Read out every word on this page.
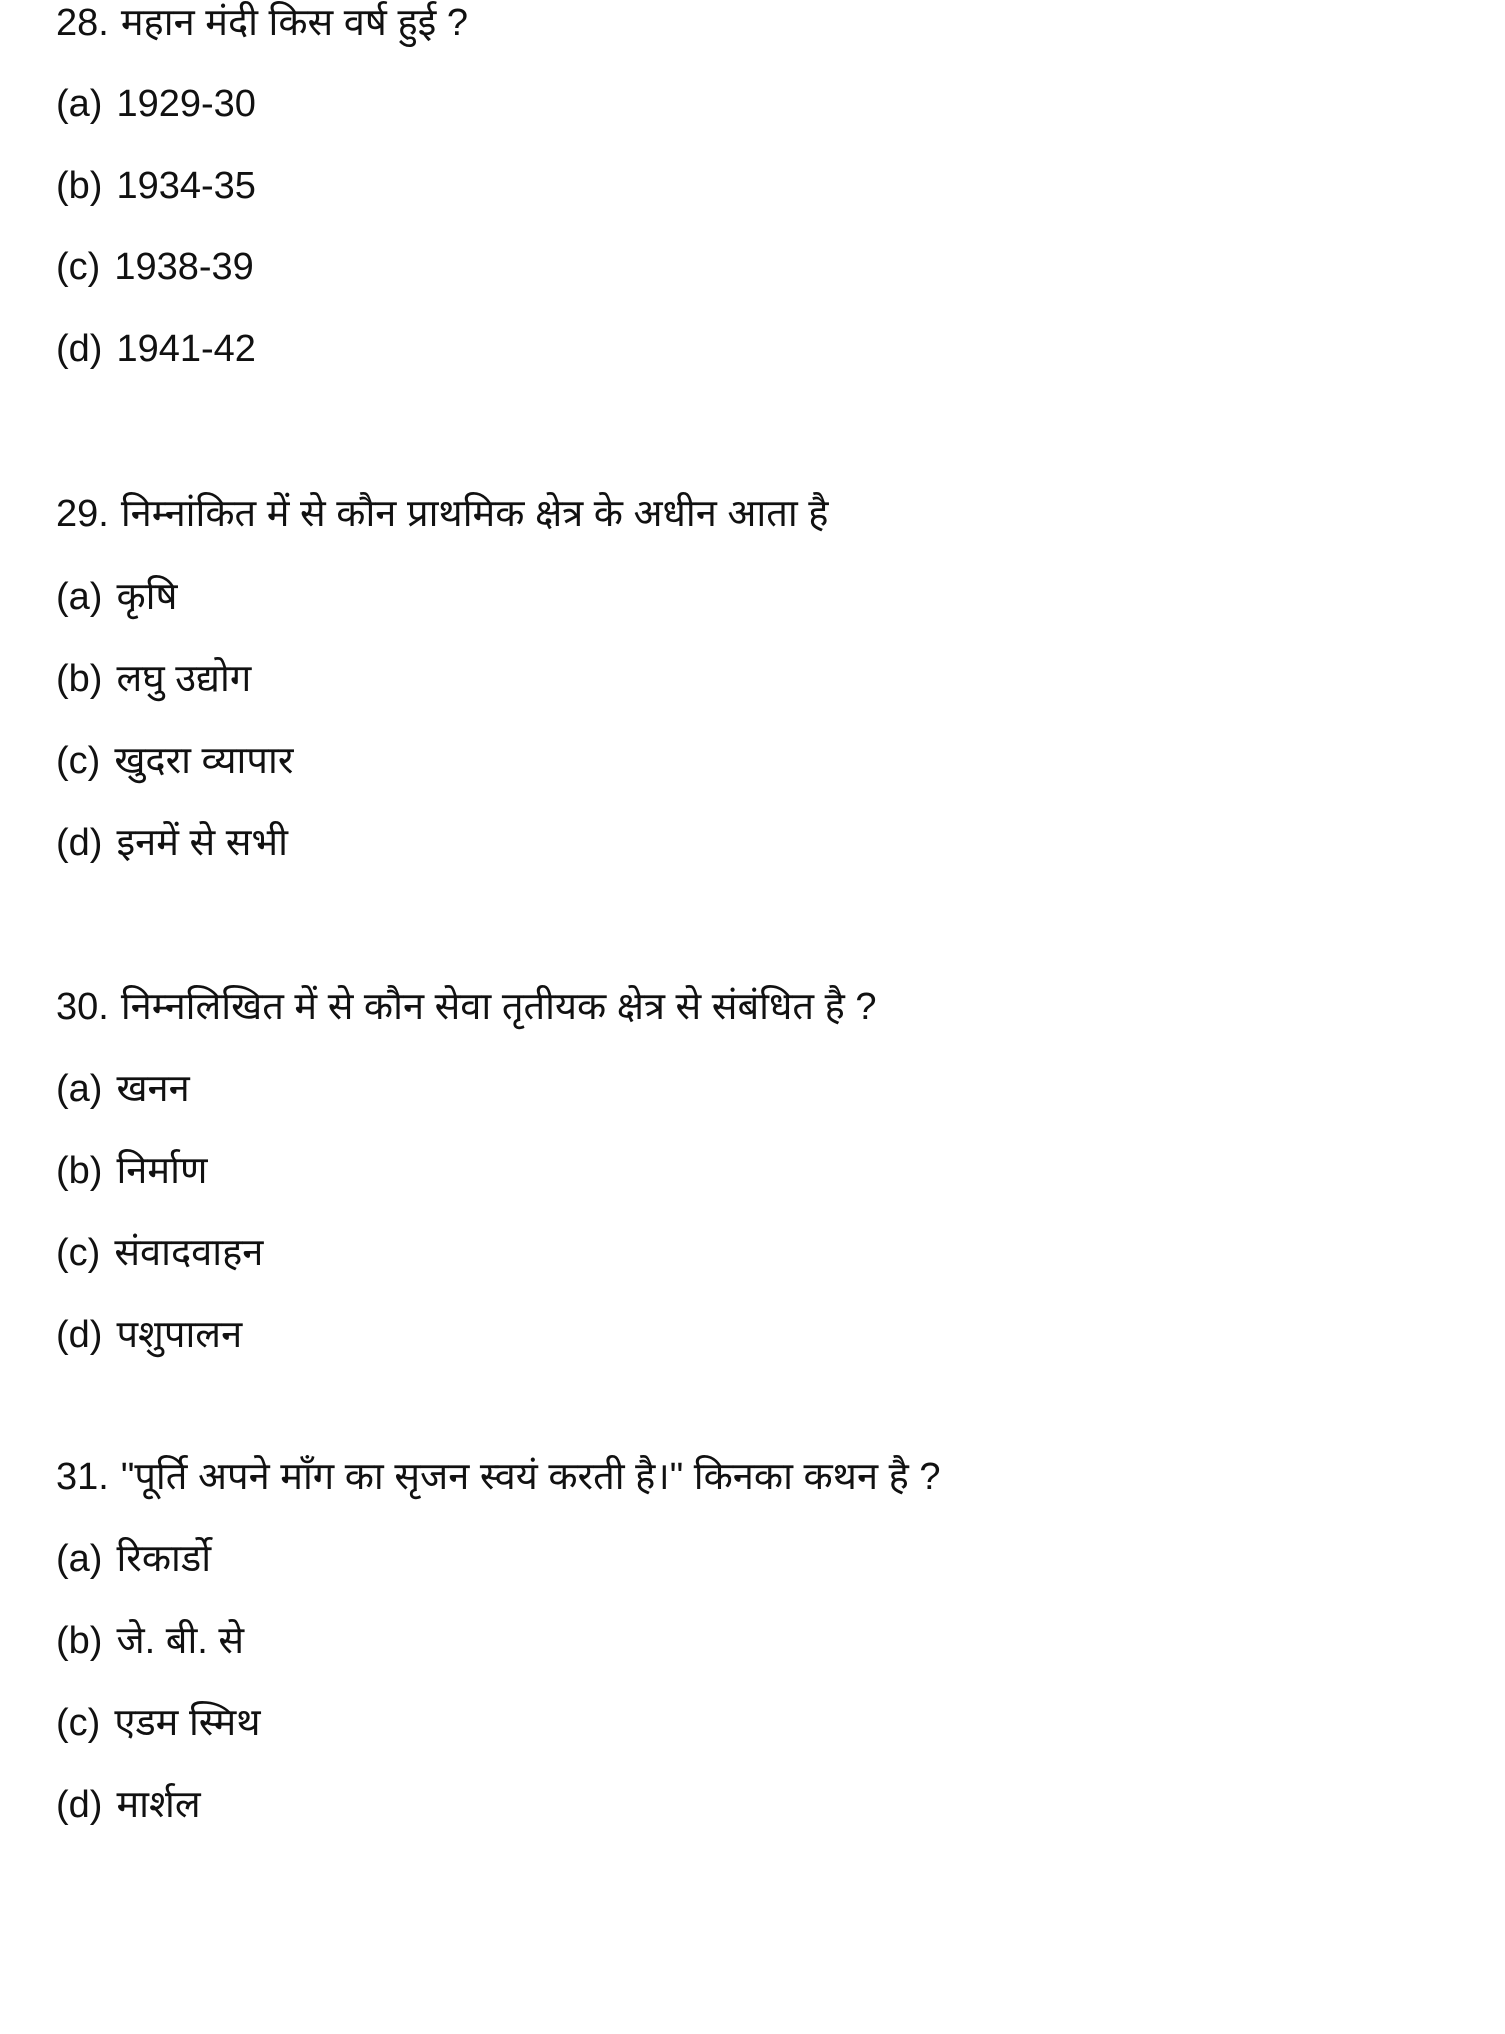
28. महान मंदी किस वर्ष हुई ?
(a) 1929-30
(b) 1934-35
(c) 1938-39
(d) 1941-42
29. निम्नांकित में से कौन प्राथमिक क्षेत्र के अधीन आता है
(a) कृषि
(b) लघु उद्योग
(c) खुदरा व्यापार
(d) इनमें से सभी
30. निम्नलिखित में से कौन सेवा तृतीयक क्षेत्र से संबंधित है ?
(a) खनन
(b) निर्माण
(c) संवादवाहन
(d) पशुपालन
31. "पूर्ति अपने माँग का सृजन स्वयं करती है।" किनका कथन है ?
(a) रिकार्डो
(b) जे. बी. से
(c) एडम स्मिथ
(d) मार्शल
